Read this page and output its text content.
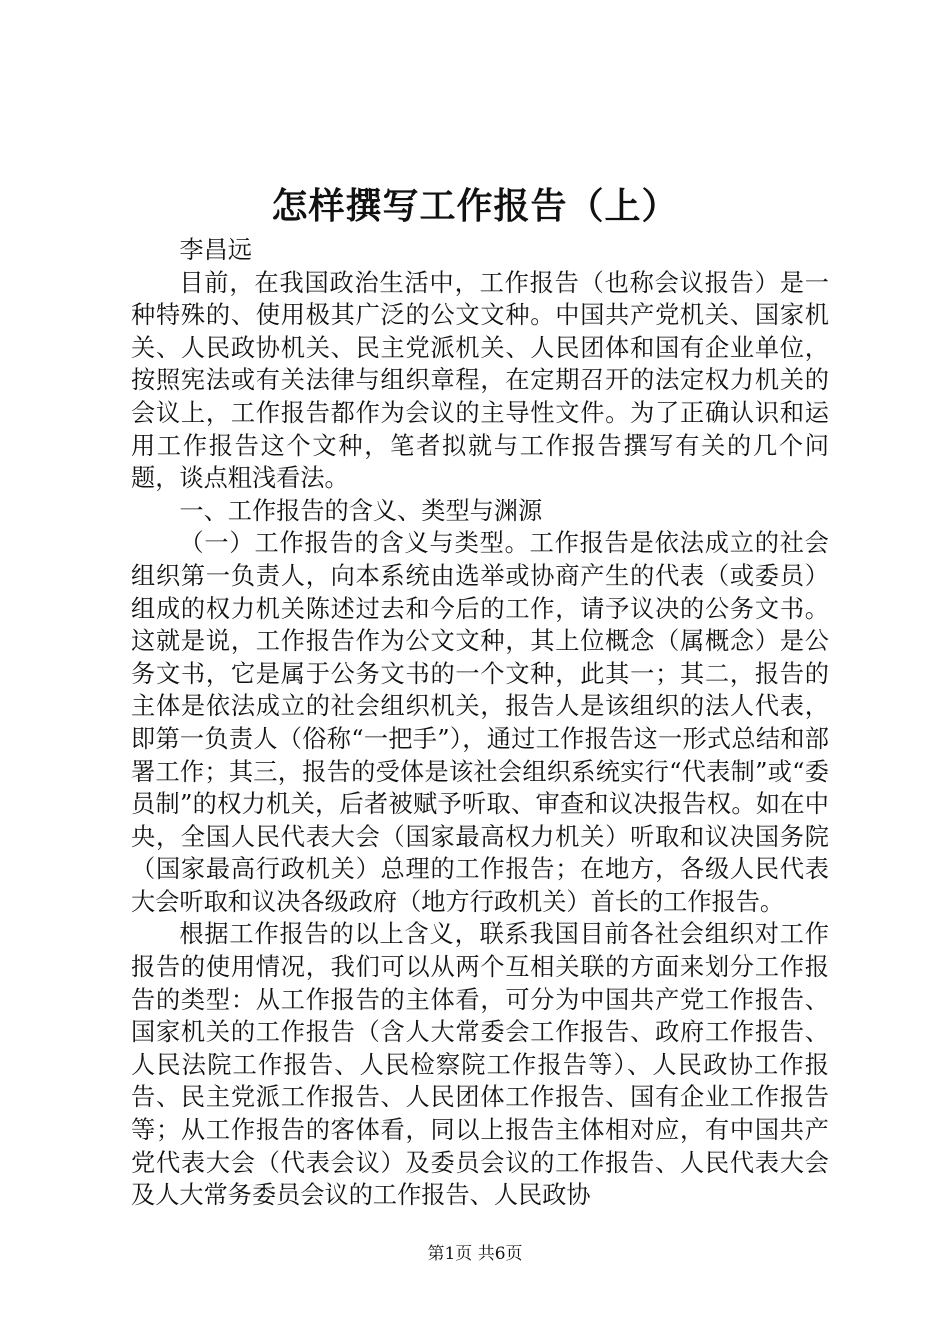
怎样撰写工作报告（上）

李昌远

目前，在我国政治生活中，工作报告（也称会议报告）是一种特殊的、使用极其广泛的公文文种。中国共产党机关、国家机关、人民政协机关、民主党派机关、人民团体和国有企业单位，按照宪法或有关法律与组织章程，在定期召开的法定权力机关的会议上，工作报告都作为会议的主导性文件。为了正确认识和运用工作报告这个文种，笔者拟就与工作报告撰写有关的几个问题，谈点粗浅看法。

一、工作报告的含义、类型与渊源

（一）工作报告的含义与类型。工作报告是依法成立的社会组织第一负责人，向本系统由选举或协商产生的代表（或委员）组成的权力机关陈述过去和今后的工作，请予议决的公务文书。这就是说，工作报告作为公文文种，其上位概念（属概念）是公务文书，它是属于公务文书的一个文种，此其一；其二，报告的主体是依法成立的社会组织机关，报告人是该组织的法人代表，即第一负责人（俗称“一把手”），通过工作报告这一形式总结和部署工作；其三，报告的受体是该社会组织系统实行“代表制”或“委员制”的权力机关，后者被赋予听取、审查和议决报告权。如在中央，全国人民代表大会（国家最高权力机关）听取和议决国务院（国家最高行政机关）总理的工作报告；在地方，各级人民代表大会听取和议决各级政府（地方行政机关）首长的工作报告。

根据工作报告的以上含义，联系我国目前各社会组织对工作报告的使用情况，我们可以从两个互相关联的方面来划分工作报告的类型：从工作报告的主体看，可分为中国共产党工作报告、国家机关的工作报告（含人大常委会工作报告、政府工作报告、人民法院工作报告、人民检察院工作报告等）、人民政协工作报告、民主党派工作报告、人民团体工作报告、国有企业工作报告等；从工作报告的客体看，同以上报告主体相对应，有中国共产党代表大会（代表会议）及委员会议的工作报告、人民代表大会及人大常务委员会议的工作报告、人民政协

第1页 共6页
